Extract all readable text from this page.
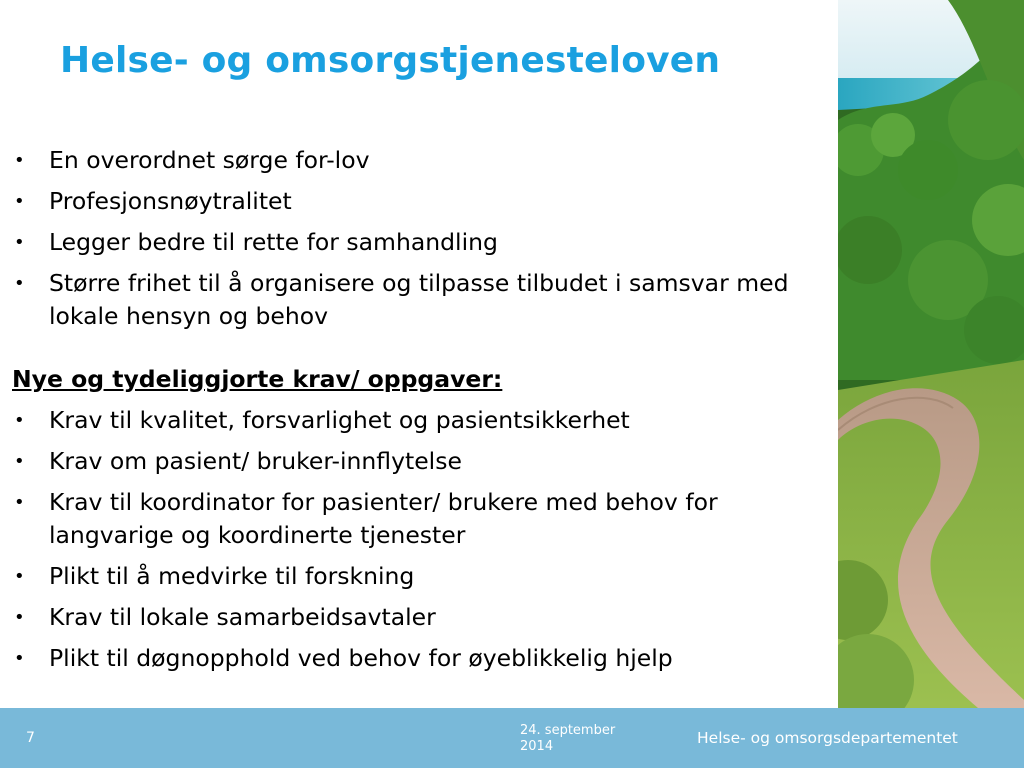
Helse- og omsorgstjenesteloven
• En overordnet sørge for-lov
• Profesjonsnøytralitet
• Legger bedre til rette for samhandling
• Større frihet til å organisere og tilpasse tilbudet i samsvar med lokale hensyn og behov
Nye og tydeliggjorte krav/ oppgaver:
• Krav til kvalitet, forsvarlighet og pasientsikkerhet
• Krav om pasient/ bruker-innflytelse
• Krav til koordinator for pasienter/ brukere med behov for langvarige og koordinerte tjenester
• Plikt til å medvirke til forskning
• Krav til lokale samarbeidsavtaler
• Plikt til døgnopphold ved behov for øyeblikkelig hjelp
7	24. september 2014	Helse- og omsorgsdepartementet
